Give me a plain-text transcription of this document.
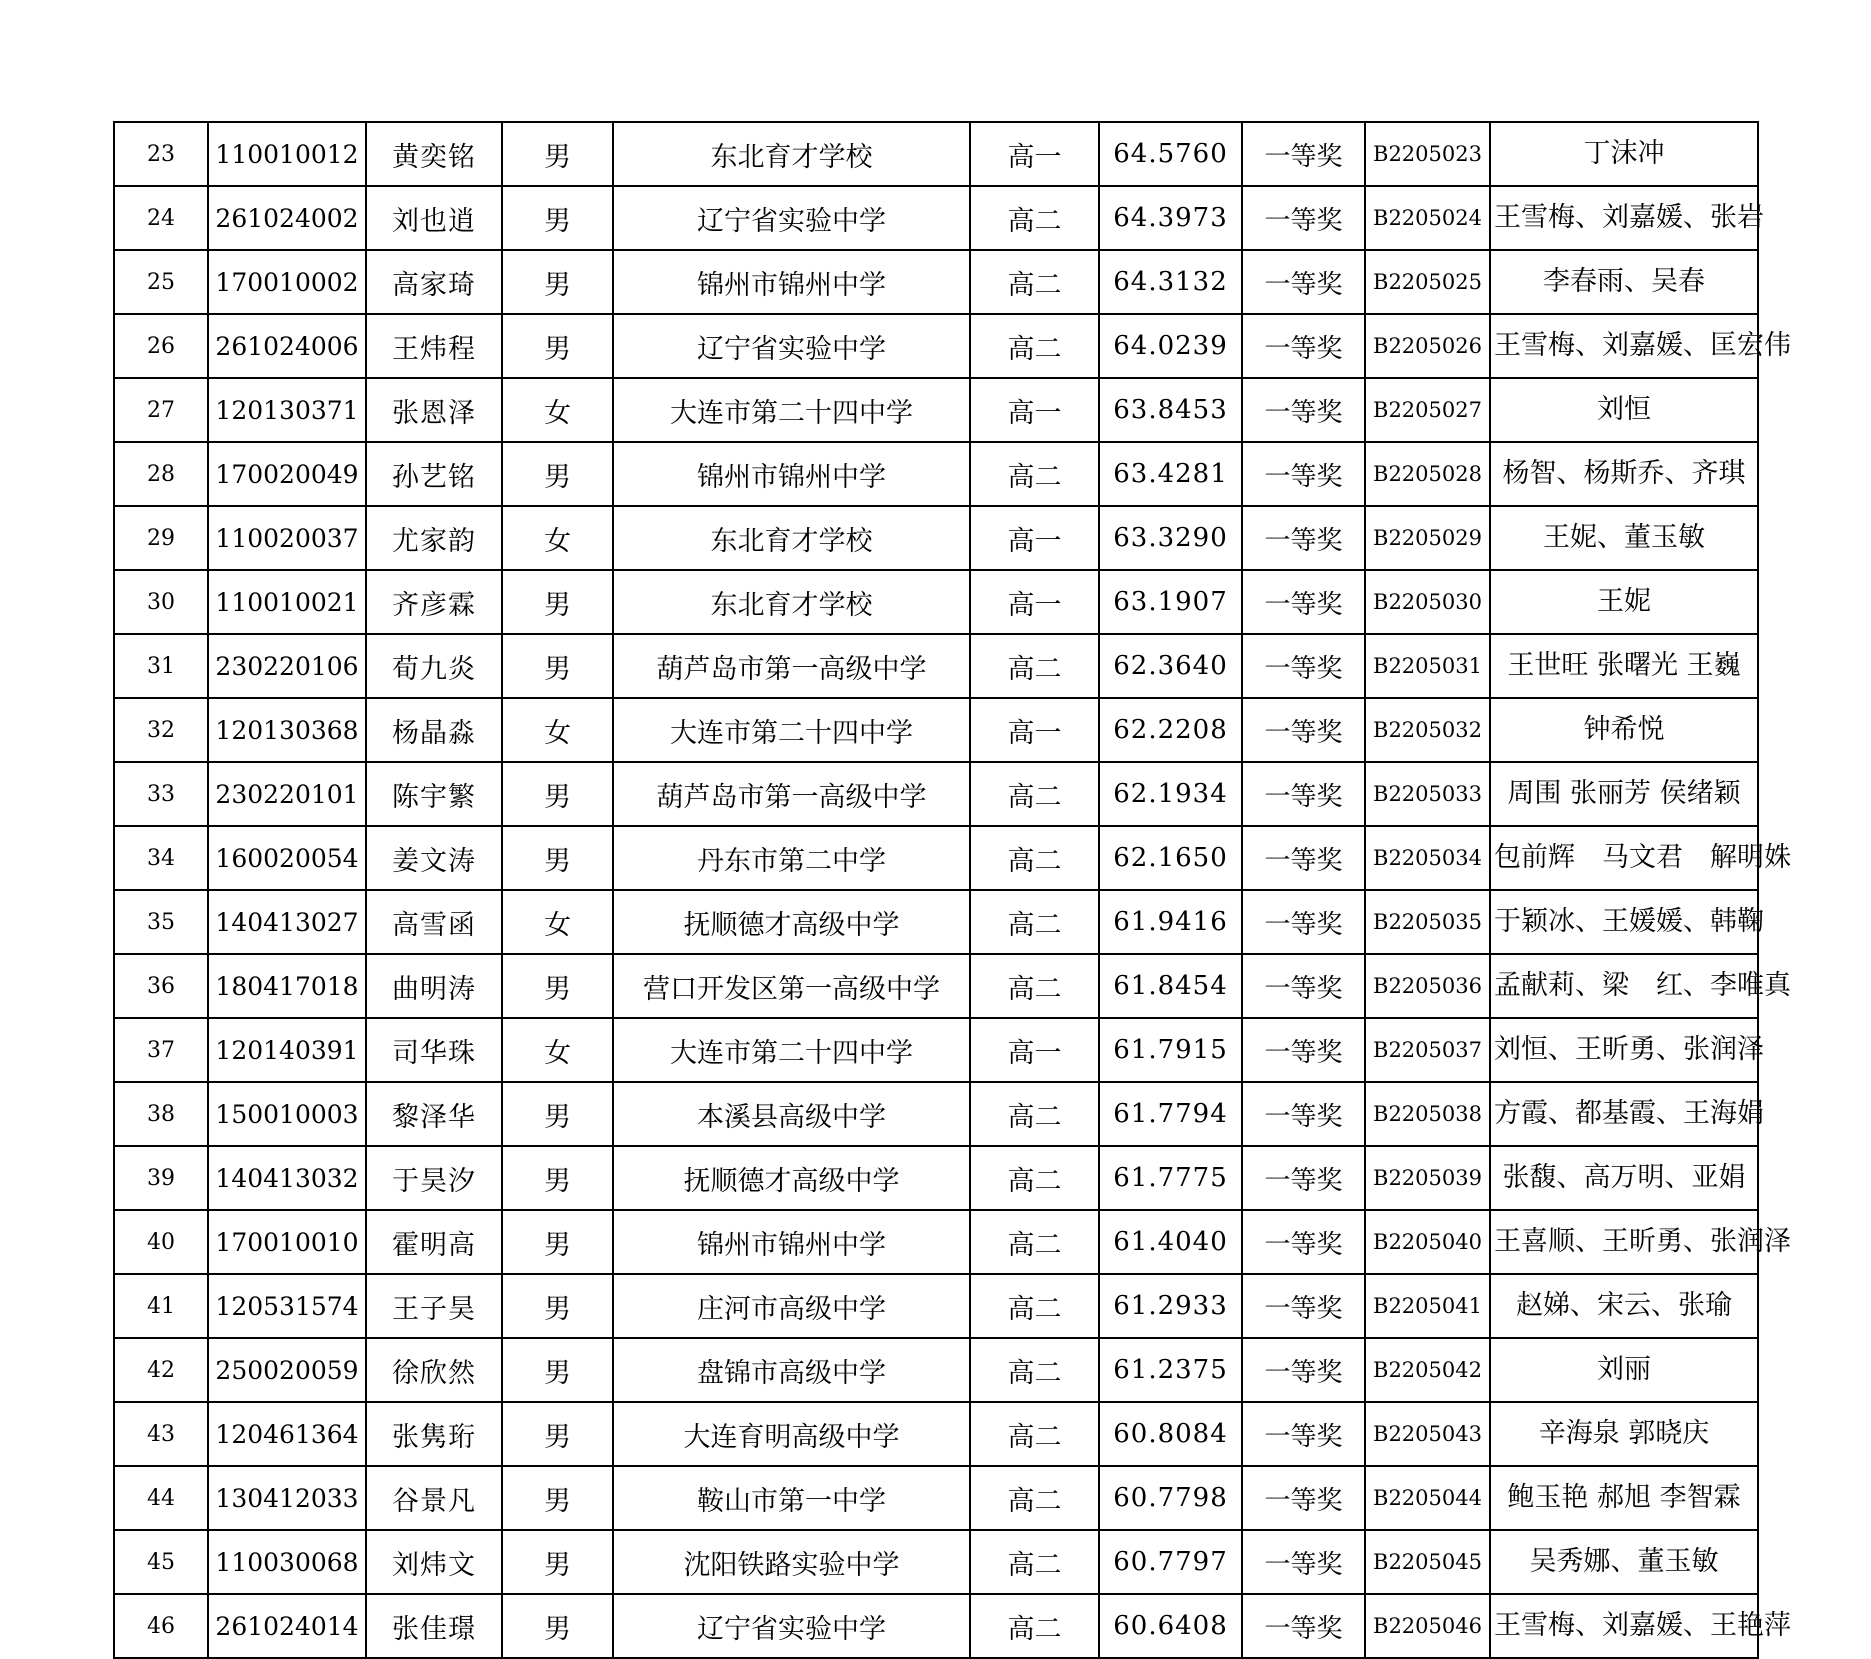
23	110010012	黄奕铭	男	东北育才学校	高一	64.5760	一等奖	B2205023	丁沫冲
24	261024002	刘也逍	男	辽宁省实验中学	高二	64.3973	一等奖	B2205024	王雪梅、刘嘉媛、张岩
25	170010002	高家琦	男	锦州市锦州中学	高二	64.3132	一等奖	B2205025	李春雨、吴春
26	261024006	王炜程	男	辽宁省实验中学	高二	64.0239	一等奖	B2205026	王雪梅、刘嘉媛、匡宏伟
27	120130371	张恩泽	女	大连市第二十四中学	高一	63.8453	一等奖	B2205027	刘恒
28	170020049	孙艺铭	男	锦州市锦州中学	高二	63.4281	一等奖	B2205028	杨智、杨斯乔、齐琪
29	110020037	尤家韵	女	东北育才学校	高一	63.3290	一等奖	B2205029	王妮、董玉敏
30	110010021	齐彦霖	男	东北育才学校	高一	63.1907	一等奖	B2205030	王妮
31	230220106	荀九炎	男	葫芦岛市第一高级中学	高二	62.3640	一等奖	B2205031	王世旺 张曙光 王巍
32	120130368	杨晶淼	女	大连市第二十四中学	高一	62.2208	一等奖	B2205032	钟希悦
33	230220101	陈宇繁	男	葫芦岛市第一高级中学	高二	62.1934	一等奖	B2205033	周围 张丽芳 侯绪颖
34	160020054	姜文涛	男	丹东市第二中学	高二	62.1650	一等奖	B2205034	包前辉　马文君　解明姝
35	140413027	高雪函	女	抚顺德才高级中学	高二	61.9416	一等奖	B2205035	于颖冰、王媛媛、韩鞠
36	180417018	曲明涛	男	营口开发区第一高级中学	高二	61.8454	一等奖	B2205036	孟献莉、梁　红、李唯真
37	120140391	司华珠	女	大连市第二十四中学	高一	61.7915	一等奖	B2205037	刘恒、王昕勇、张润泽
38	150010003	黎泽华	男	本溪县高级中学	高二	61.7794	一等奖	B2205038	方霞、都基霞、王海娟
39	140413032	于昊汐	男	抚顺德才高级中学	高二	61.7775	一等奖	B2205039	张馥、高万明、亚娟
40	170010010	霍明高	男	锦州市锦州中学	高二	61.4040	一等奖	B2205040	王喜顺、王昕勇、张润泽
41	120531574	王子昊	男	庄河市高级中学	高二	61.2933	一等奖	B2205041	赵娣、宋云、张瑜
42	250020059	徐欣然	男	盘锦市高级中学	高二	61.2375	一等奖	B2205042	刘丽
43	120461364	张隽珩	男	大连育明高级中学	高二	60.8084	一等奖	B2205043	辛海泉 郭晓庆
44	130412033	谷景凡	男	鞍山市第一中学	高二	60.7798	一等奖	B2205044	鲍玉艳 郝旭 李智霖
45	110030068	刘炜文	男	沈阳铁路实验中学	高二	60.7797	一等奖	B2205045	吴秀娜、董玉敏
46	261024014	张佳璟	男	辽宁省实验中学	高二	60.6408	一等奖	B2205046	王雪梅、刘嘉媛、王艳萍
